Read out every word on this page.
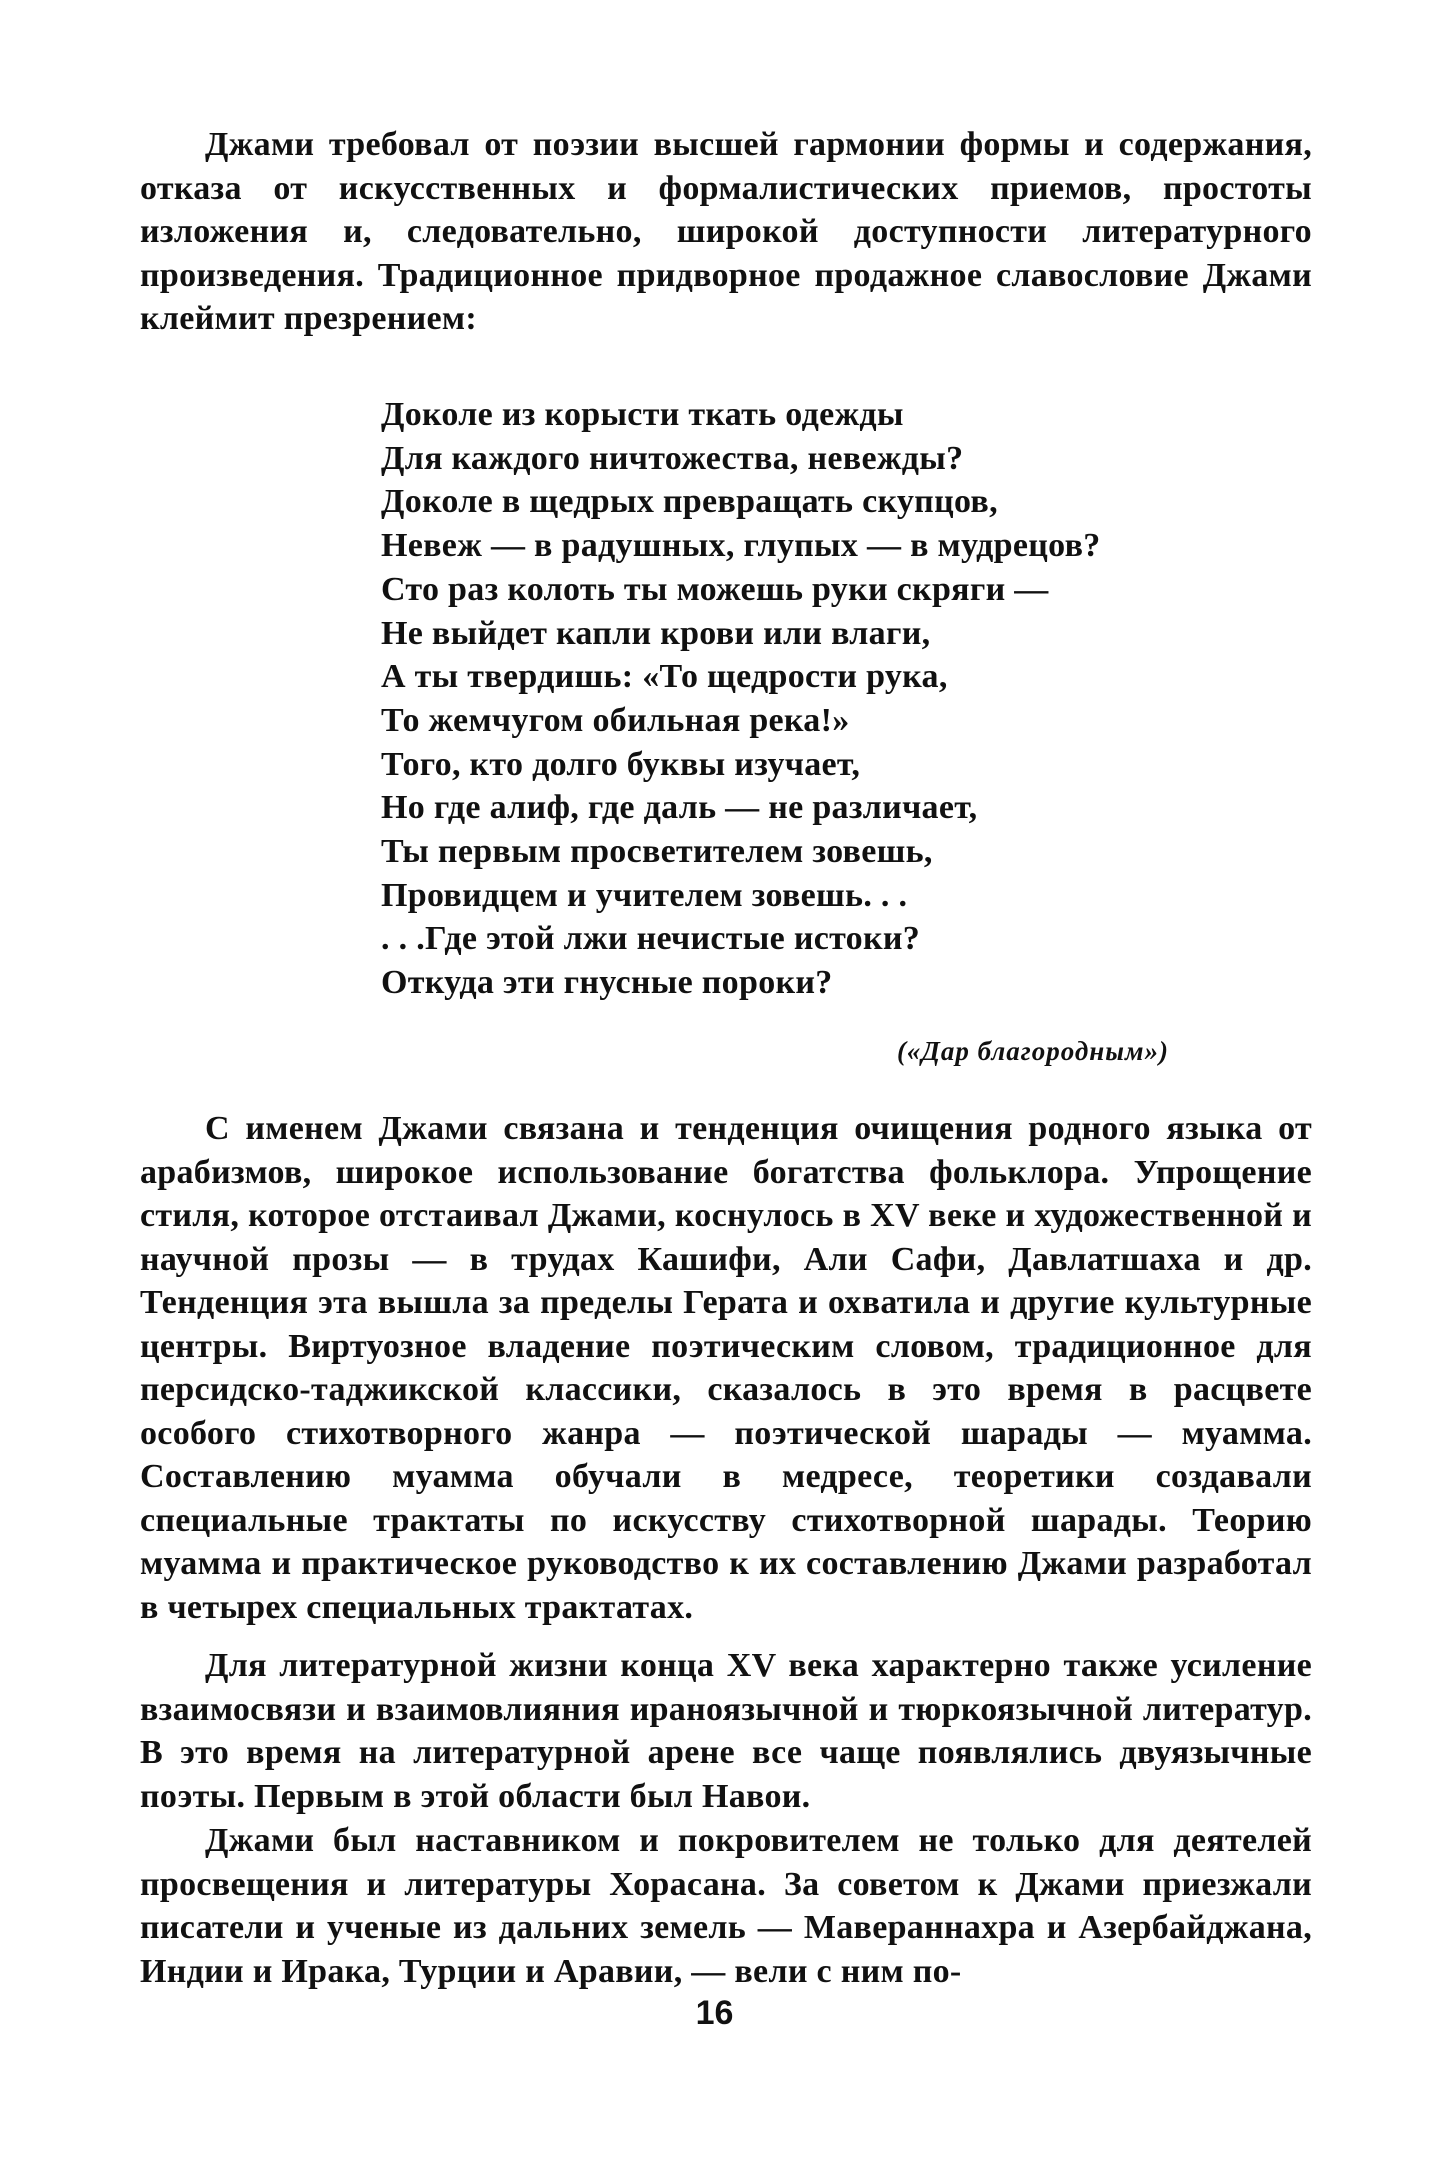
Джами требовал от поэзии высшей гармонии формы и содержания, отказа от искусственных и формалистических приемов, простоты изложения и, следовательно, широкой доступности литературного произведения. Традиционное придворное продажное славословие Джами клеймит презрением:

Доколе из корысти ткать одежды
Для каждого ничтожества, невежды?
Доколе в щедрых превращать скупцов,
Невеж — в радушных, глупых — в мудрецов?
Сто раз колоть ты можешь руки скряги —
Не выйдет капли крови или влаги,
А ты твердишь: «То щедрости рука,
То жемчугом обильная река!»
Того, кто долго буквы изучает,
Но где алиф, где даль — не различает,
Ты первым просветителем зовешь,
Провидцем и учителем зовешь. . .
. . .Где этой лжи нечистые истоки?
Откуда эти гнусные пороки?
(«Дар благородным»)

С именем Джами связана и тенденция очищения родного языка от арабизмов, широкое использование богатства фольклора. Упрощение стиля, которое отстаивал Джами, коснулось в XV веке и художественной и научной прозы — в трудах Кашифи, Али Сафи, Давлатшаха и др. Тенденция эта вышла за пределы Герата и охватила и другие культурные центры. Виртуозное владение поэтическим словом, традиционное для персидско-таджикской классики, сказалось в это время в расцвете особого стихотворного жанра — поэтической шарады — муамма. Составлению муамма обучали в медресе, теоретики создавали специальные трактаты по искусству стихотворной шарады. Теорию муамма и практическое руководство к их составлению Джами разработал в четырех специальных трактатах.

Для литературной жизни конца XV века характерно также усиление взаимосвязи и взаимовлияния ираноязычной и тюркоязычной литератур. В это время на литературной арене все чаще появлялись двуязычные поэты. Первым в этой области был Навои.

Джами был наставником и покровителем не только для деятелей просвещения и литературы Хорасана. За советом к Джами приезжали писатели и ученые из дальних земель — Мавераннахра и Азербайджана, Индии и Ирака, Турции и Аравии, — вели с ним по-

16
